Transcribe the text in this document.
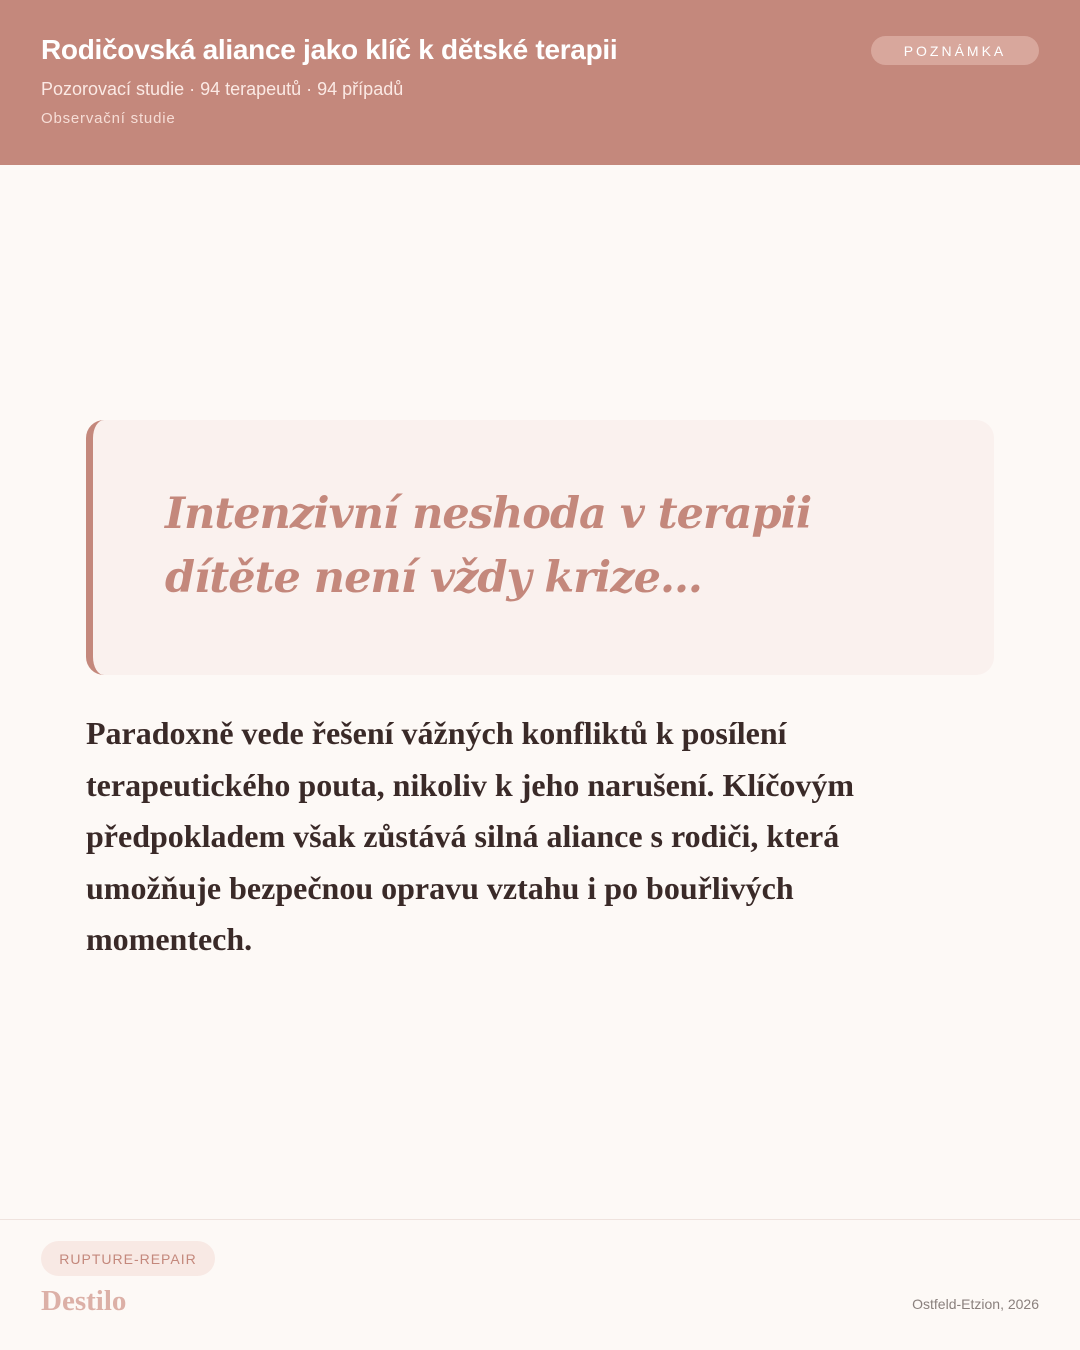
Rodičovská aliance jako klíč k dětské terapii
Pozorovací studie · 94 terapeutů · 94 případů
Observační studie
POZNÁMKA
Intenzivní neshoda v terapii dítěte není vždy krize...
Paradoxně vede řešení vážných konfliktů k posílení terapeutického pouta, nikoliv k jeho narušení. Klíčovým předpokladem však zůstává silná aliance s rodiči, která umožňuje bezpečnou opravu vztahu i po bouřlivých momentech.
RUPTURE-REPAIR
Destilo	Ostfeld-Etzion, 2026
